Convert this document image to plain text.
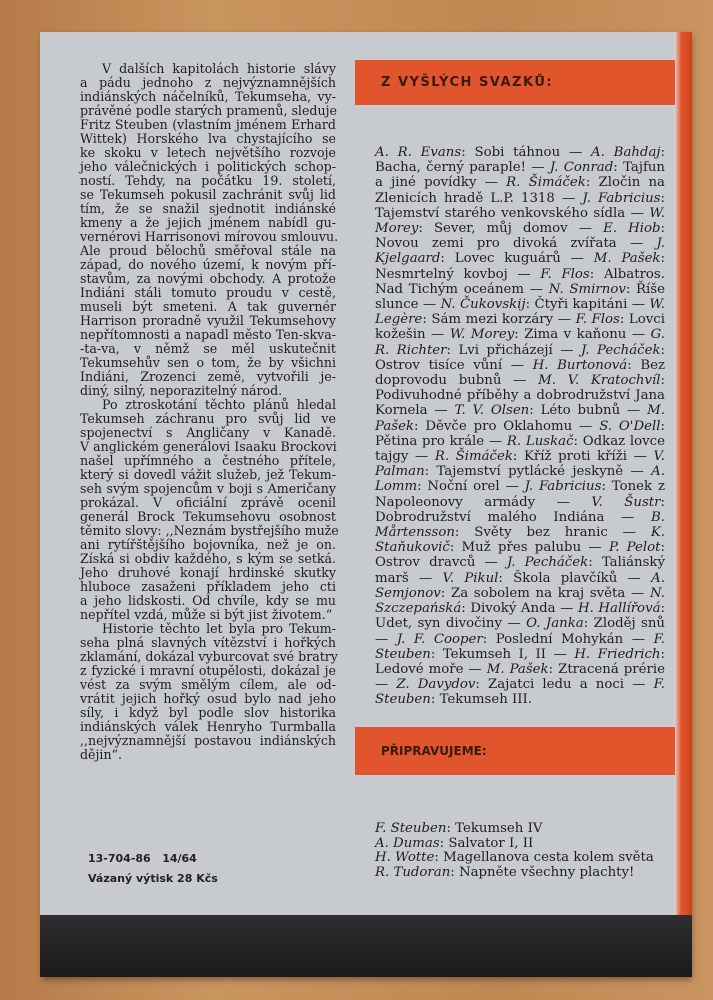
V dalších kapitolách historie slávy
a pádu jednoho z nejvýznamnějších
indiánských náčelníků, Tekumseha, vy-
právěné podle starých pramenů, sleduje
Fritz Steuben (vlastním jménem Erhard
Wittek) Horského lva chystajícího se
ke skoku v letech největšího rozvoje
jeho válečnických i politických schop-
ností. Tehdy, na počátku 19. století,
se Tekumseh pokusil zachránit svůj lid
tím, že se snažil sjednotit indiánské
kmeny a že jejich jménem nabídl gu-
vernérovi Harrisonovi mírovou smlouvu.
Ale proud bělochů směřoval stále na
západ, do nového území, k novým pří-
stavům, za novými obchody. A protože
Indiáni stáli tomuto proudu v cestě,
museli být smeteni. A tak guvernér
Harrison proradně využil Tekumsehovy
nepřítomnosti a napadl město Ten-skva-
-ta-va, v němž se měl uskutečnit
Tekumsehův sen o tom, že by všichni
Indiáni, Zrozenci země, vytvořili je-
diný, silný, neporazitelný národ.
Po ztroskotání těchto plánů hledal
Tekumseh záchranu pro svůj lid ve
spojenectví s Angličany v Kanadě.
V anglickém generálovi Isaaku Brockovi
našel upřímného a čestného přítele,
který si dovedl vážit služeb, jež Tekum-
seh svým spojencům v boji s Američany
prokázal. V oficiální zprávě ocenil
generál Brock Tekumsehovu osobnost
těmito slovy: ,,Neznám bystřejšího muže
ani rytířštějšího bojovníka, než je on.
Získá si obdiv každého, s kým se setká.
Jeho druhové konají hrdinské skutky
hluboce zasaženi příkladem jeho cti
a jeho lidskosti. Od chvíle, kdy se mu
nepřítel vzdá, může si být jist životem.“
Historie těchto let byla pro Tekum-
seha plná slavných vítězství i hořkých
zklamání, dokázal vyburcovat své bratry
z fyzické i mravní otupělosti, dokázal je
vést za svým smělým cílem, ale od-
vrátit jejich hořký osud bylo nad jeho
síly, i když byl podle slov historika
indiánských válek Henryho Turmballa
,,nejvýznamnější postavou indiánských
dějin“.
Z VYŠLÝCH SVAZKŮ:
A. R. Evans: Sobi táhnou — A. Bahdaj: Bacha, černý paraple! — J. Conrad: Tajfun a jiné povídky — R. Šimáček: Zločin na Zlenicích hradě L.P. 1318 — J. Fabricius: Tajemství starého venkovského sídla — W. Morey: Sever, můj domov — E. Hiob: Novou zemi pro divoká zvířata — J. Kjelgaard: Lovec kuguárů — M. Pašek: Nesmrtelný kovboj — F. Flos: Albatros. Nad Tichým oceánem — N. Smirnov: Říše slunce — N. Čukovskij: Čtyři kapitáni — W. Legère: Sám mezi korzáry — F. Flos: Lovci kožešin — W. Morey: Zima v kaňonu — G. R. Richter: Lvi přicházejí — J. Pecháček: Ostrov tisíce vůní — H. Burtonová: Bez doprovodu bubnů — M. V. Kratochvíl: Podivuhodné příběhy a dobrodružství Jana Kornela — T. V. Olsen: Léto bubnů — M. Pašek: Děvče pro Oklahomu — S. O'Dell: Pětina pro krále — R. Luskač: Odkaz lovce tajgy — R. Šimáček: Kříž proti kříži — V. Palman: Tajemství pytlácké jeskyně — A. Lomm: Noční orel — J. Fabricius: Tonek z Napoleonovy armády — V. Šustr: Dobrodružství malého Indiána — B. Mårtensson: Světy bez hranic — K. Staňukovič: Muž přes palubu — P. Pelot: Ostrov dravců — J. Pecháček: Taliánský marš — V. Pikul: Škola plavčíků — A. Semjonov: Za sobolem na kraj světa — N. Szczepańská: Divoký Anda — H. Hallířová: Udet, syn divočiny — O. Janka: Zloděj snů — J. F. Cooper: Poslední Mohykán — F. Steuben: Tekumseh I, II — H. Friedrich: Ledové moře — M. Pašek: Ztracená prérie — Z. Davydov: Zajatci ledu a noci — F. Steuben: Tekumseh III.
PŘIPRAVUJEME:
F. Steuben: Tekumseh IV
A. Dumas: Salvator I, II
H. Wotte: Magellanova cesta kolem světa
R. Tudoran: Napněte všechny plachty!
13-704-86   14/64
Vázaný výtisk 28 Kčs
